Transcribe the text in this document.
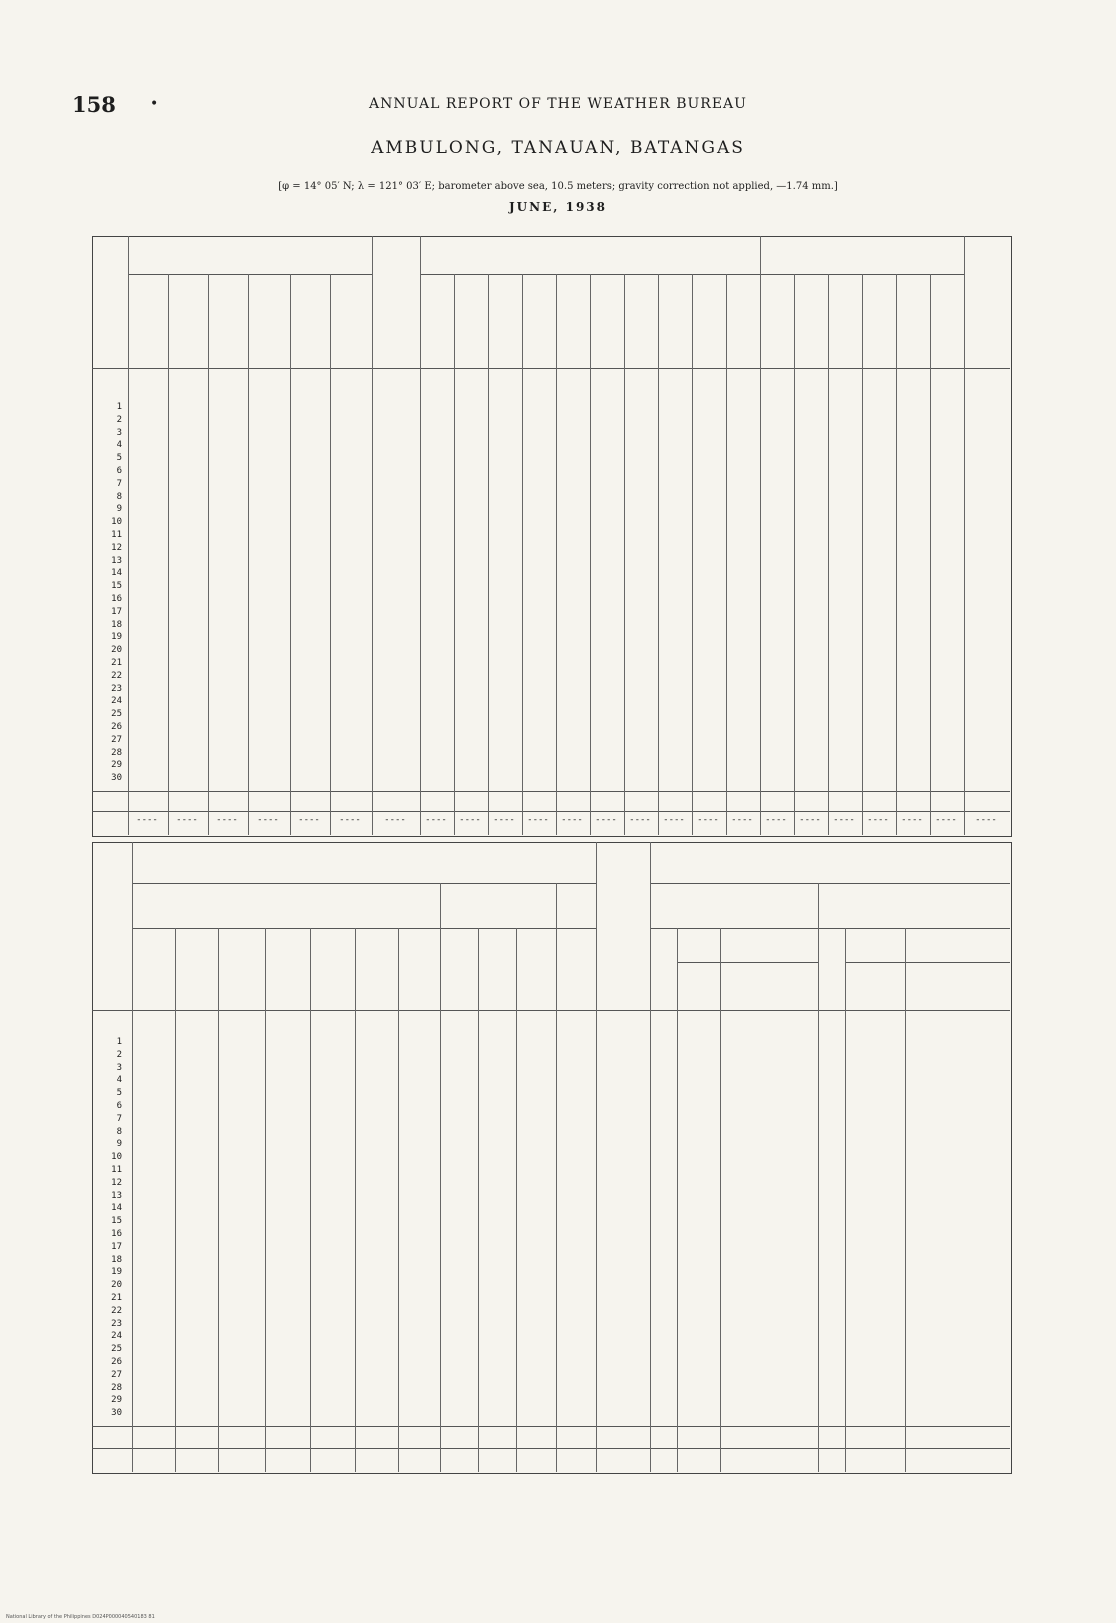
158 •	ANNUAL REPORT OF THE WEATHER BUREAU
AMBULONG, TANAUAN, BATANGAS
[φ = 14° 05′ N; λ = 121° 03′ E; barometer above sea, 10.5 meters; gravity correction not applied, —1.74 mm.]
JUNE, 1938
1
2
3
4
5
6
7
8
9
10
11
12
13
14
15
16
17
18
19
20
21
22
23
24
25
26
27
28
29
30
----	----	----	----	----	----	----	----	----	----	----	----	----	----	----	----	----	----	----	----	----	----	----	----
1
2
3
4
5
6
7
8
9
10
11
12
13
14
15
16
17
18
19
20
21
22
23
24
25
26
27
28
29
30
National Library of the Philippines D024P000040540183 81
